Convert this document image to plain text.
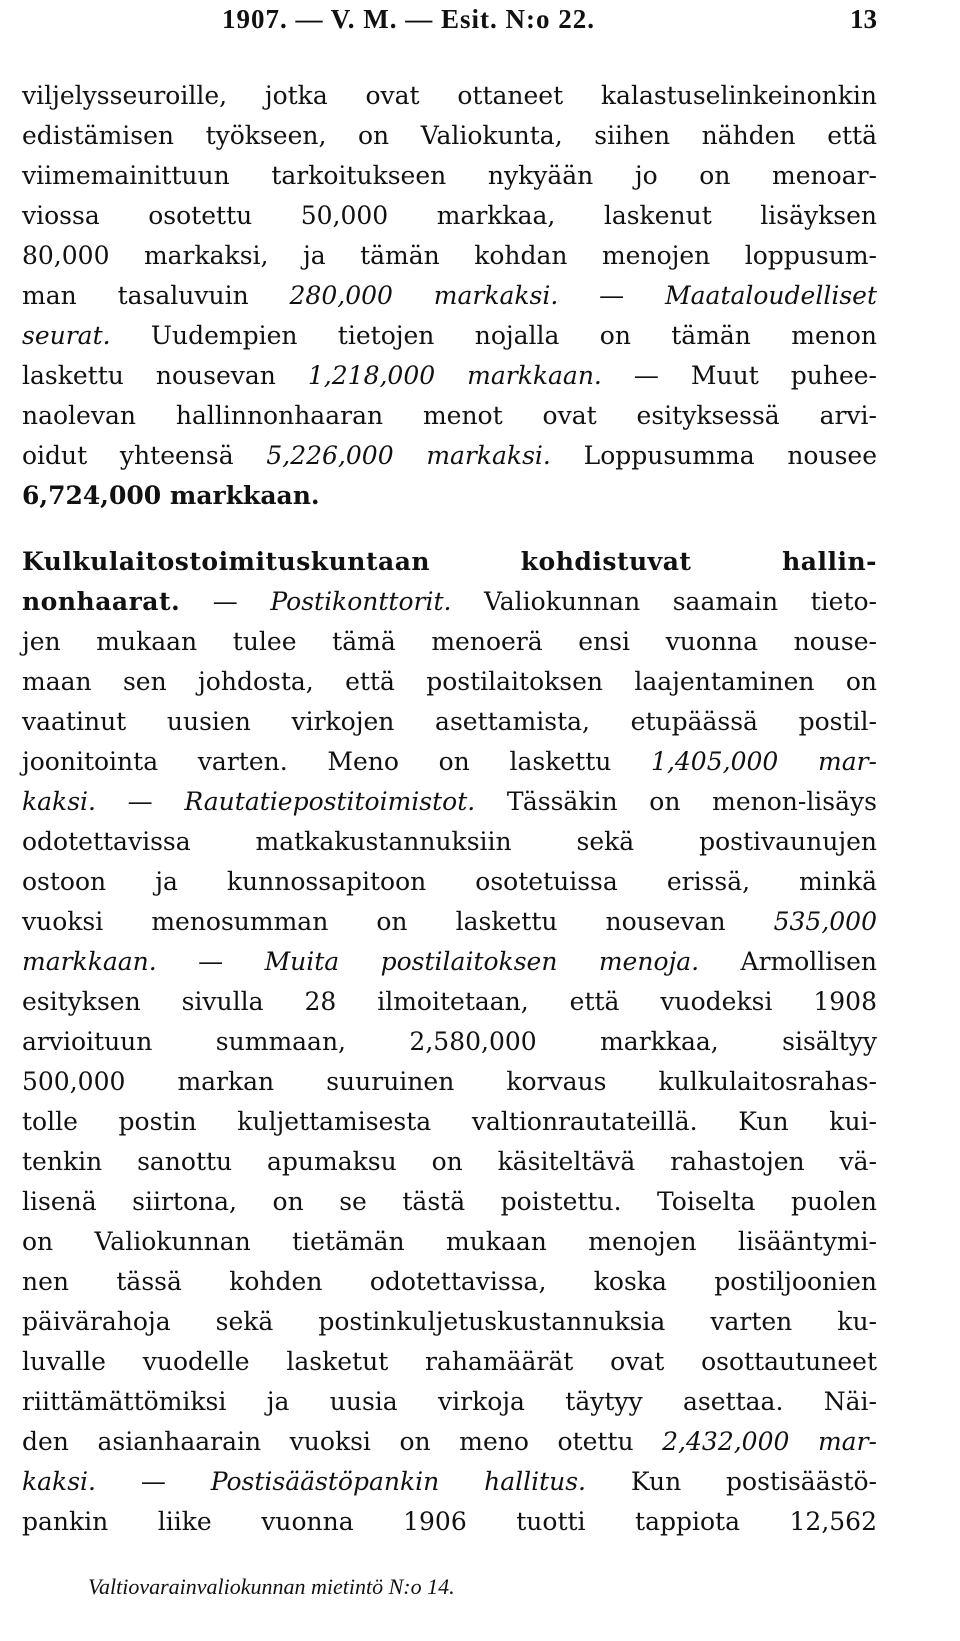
1907. — V. M. — Esit. N:o 22.	13
viljelysseuroille, jotka ovat ottaneet kalastuselinkeinonkin
edistämisen työkseen, on Valiokunta, siihen nähden että
viimemainittuun tarkoitukseen nykyään jo on menoar-
viossa osotettu 50,000 markkaa, laskenut lisäyksen
80,000 markaksi, ja tämän kohdan menojen loppusum-
man tasaluvuin 280,000 markaksi. — Maataloudelliset
seurat. Uudempien tietojen nojalla on tämän menon
laskettu nousevan 1,218,000 markkaan. — Muut puhee-
naolevan hallinnonhaaran menot ovat esityksessä arvi-
oidut yhteensä 5,226,000 markaksi. Loppusumma nousee
6,724,000 markkaan.
Kulkulaitostoimituskuntaan kohdistuvat hallin-
nonhaarat. — Postikonttorit. Valiokunnan saamain tieto-
jen mukaan tulee tämä menoerä ensi vuonna nouse-
maan sen johdosta, että postilaitoksen laajentaminen on
vaatinut uusien virkojen asettamista, etupäässä postil-
joonitointa varten. Meno on laskettu 1,405,000 mar-
kaksi. — Rautatiepostitoimistot. Tässäkin on menon-lisäys
odotettavissa matkakustannuksiin sekä postivaunujen
ostoon ja kunnossapitoon osotetuissa erissä, minkä
vuoksi menosumman on laskettu nousevan 535,000
markkaan. — Muita postilaitoksen menoja. Armollisen
esityksen sivulla 28 ilmoitetaan, että vuodeksi 1908
arvioituun summaan, 2,580,000 markkaa, sisältyy
500,000 markan suuruinen korvaus kulkulaitosrahas-
tolle postin kuljettamisesta valtionrautateillä. Kun kui-
tenkin sanottu apumaksu on käsiteltävä rahastojen vä-
lisenä siirtona, on se tästä poistettu. Toiselta puolen
on Valiokunnan tietämän mukaan menojen lisääntymi-
nen tässä kohden odotettavissa, koska postiljoonien
päivärahoja sekä postinkuljetuskustannuksia varten ku-
luvalle vuodelle lasketut rahamäärät ovat osottautuneet
riittämättömiksi ja uusia virkoja täytyy asettaa. Näi-
den asianhaarain vuoksi on meno otettu 2,432,000 mar-
kaksi. — Postisäästöpankin hallitus. Kun postisäästö-
pankin liike vuonna 1906 tuotti tappiota 12,562
Valtiovarainvaliokunnan mietintö N:o 14.
